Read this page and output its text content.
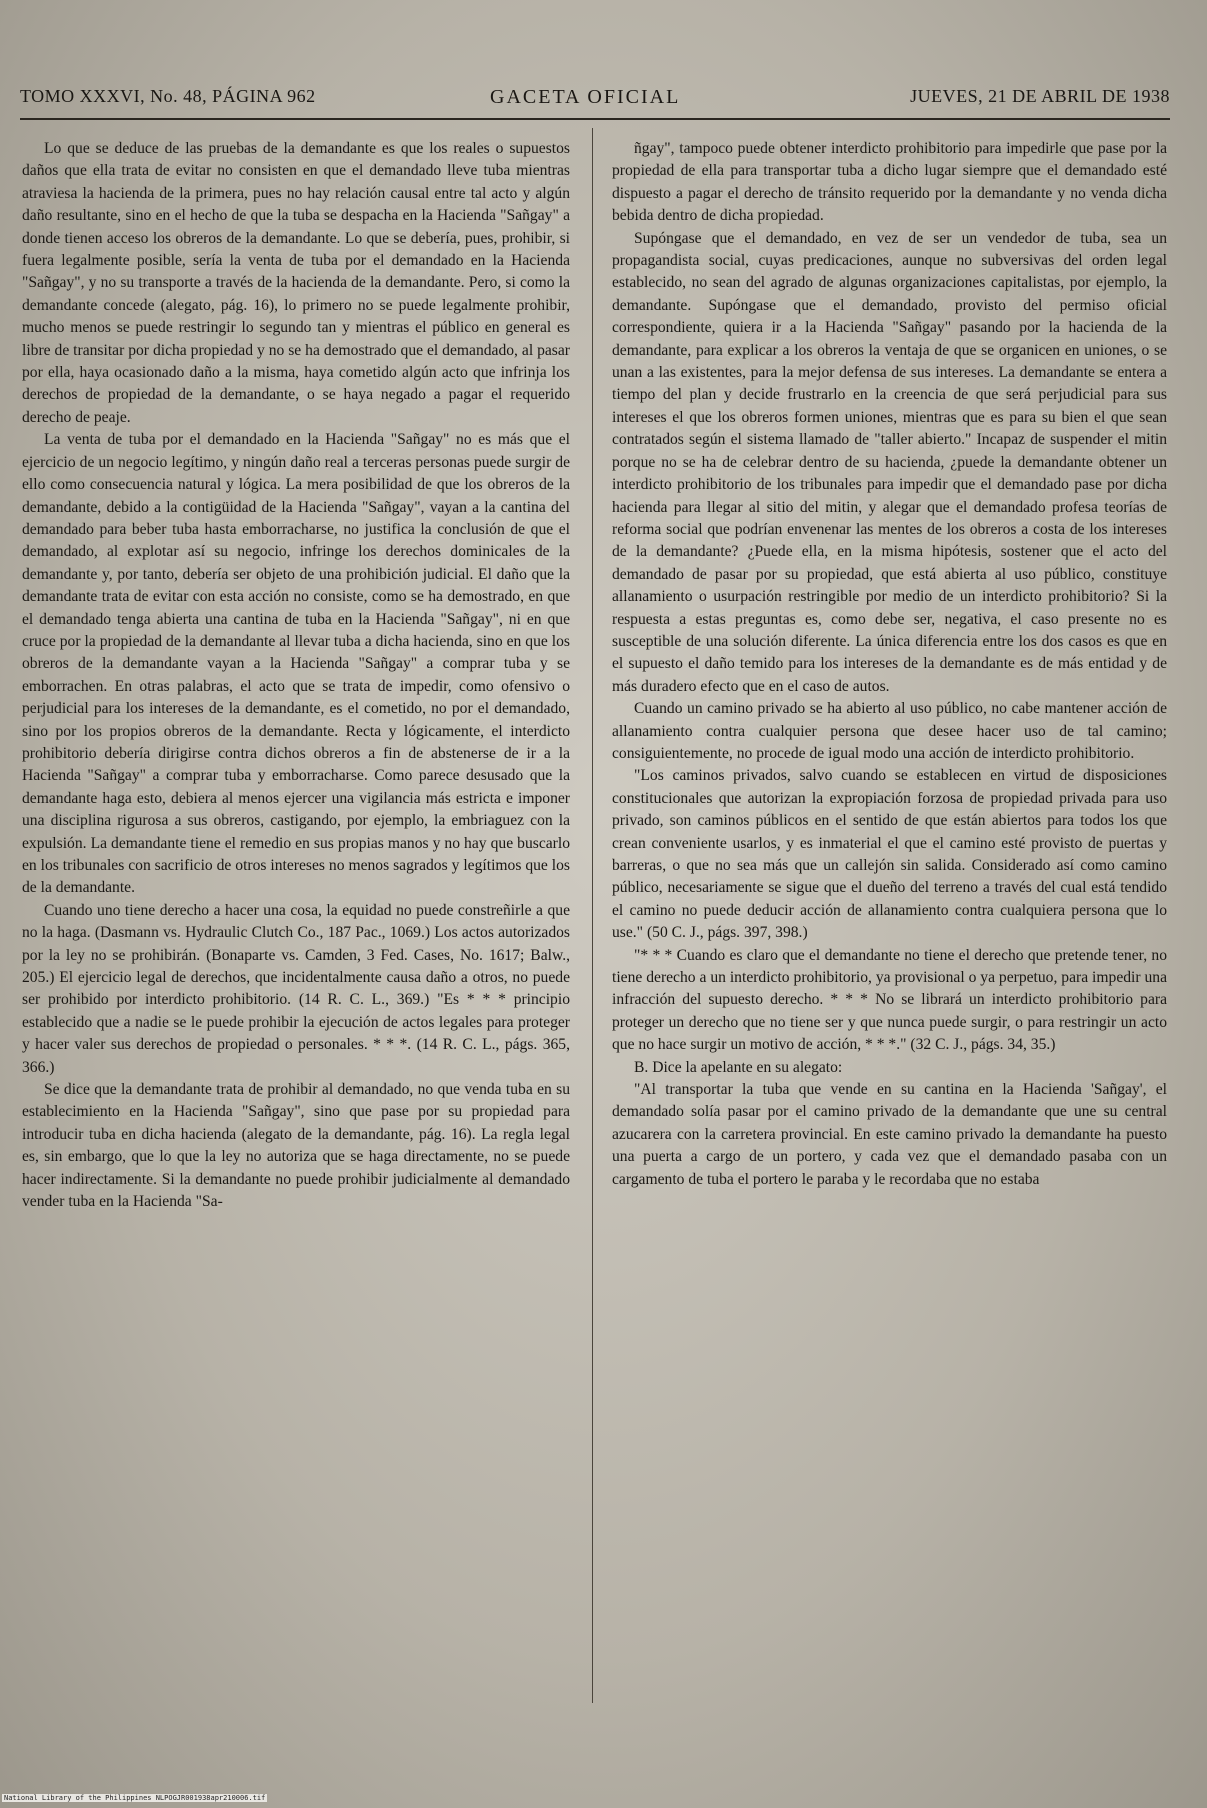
TOMO XXXVI, No. 48, PÁGINA 962	GACETA OFICIAL	JUEVES, 21 DE ABRIL DE 1938

Lo que se deduce de las pruebas de la demandante es que los reales o supuestos daños que ella trata de evitar no consisten en que el demandado lleve tuba mientras atraviesa la hacienda de la primera, pues no hay relación causal entre tal acto y algún daño resultante, sino en el hecho de que la tuba se despacha en la Hacienda "Sañgay" a donde tienen acceso los obreros de la demandante. Lo que se debería, pues, prohibir, si fuera legalmente posible, sería la venta de tuba por el demandado en la Hacienda "Sañgay", y no su transporte a través de la hacienda de la demandante. Pero, si como la demandante concede (alegato, pág. 16), lo primero no se puede legalmente prohibir, mucho menos se puede restringir lo segundo tan y mientras el público en general es libre de transitar por dicha propiedad y no se ha demostrado que el demandado, al pasar por ella, haya ocasionado daño a la misma, haya cometido algún acto que infrinja los derechos de propiedad de la demandante, o se haya negado a pagar el requerido derecho de peaje.

La venta de tuba por el demandado en la Hacienda "Sañgay" no es más que el ejercicio de un negocio legítimo, y ningún daño real a terceras personas puede surgir de ello como consecuencia natural y lógica. La mera posibilidad de que los obreros de la demandante, debido a la contigüidad de la Hacienda "Sañgay", vayan a la cantina del demandado para beber tuba hasta emborracharse, no justifica la conclusión de que el demandado, al explotar así su negocio, infringe los derechos dominicales de la demandante y, por tanto, debería ser objeto de una prohibición judicial. El daño que la demandante trata de evitar con esta acción no consiste, como se ha demostrado, en que el demandado tenga abierta una cantina de tuba en la Hacienda "Sañgay", ni en que cruce por la propiedad de la demandante al llevar tuba a dicha hacienda, sino en que los obreros de la demandante vayan a la Hacienda "Sañgay" a comprar tuba y se emborrachen. En otras palabras, el acto que se trata de impedir, como ofensivo o perjudicial para los intereses de la demandante, es el cometido, no por el demandado, sino por los propios obreros de la demandante. Recta y lógicamente, el interdicto prohibitorio debería dirigirse contra dichos obreros a fin de abstenerse de ir a la Hacienda "Sañgay" a comprar tuba y emborracharse. Como parece desusado que la demandante haga esto, debiera al menos ejercer una vigilancia más estricta e imponer una disciplina rigurosa a sus obreros, castigando, por ejemplo, la embriaguez con la expulsión. La demandante tiene el remedio en sus propias manos y no hay que buscarlo en los tribunales con sacrificio de otros intereses no menos sagrados y legítimos que los de la demandante.

Cuando uno tiene derecho a hacer una cosa, la equidad no puede constreñirle a que no la haga. (Dasmann vs. Hydraulic Clutch Co., 187 Pac., 1069.) Los actos autorizados por la ley no se prohibirán. (Bonaparte vs. Camden, 3 Fed. Cases, No. 1617; Balw., 205.) El ejercicio legal de derechos, que incidentalmente causa daño a otros, no puede ser prohibido por interdicto prohibitorio. (14 R. C. L., 369.) "Es * * * principio establecido que a nadie se le puede prohibir la ejecución de actos legales para proteger y hacer valer sus derechos de propiedad o personales. * * *. (14 R. C. L., págs. 365, 366.)

Se dice que la demandante trata de prohibir al demandado, no que venda tuba en su establecimiento en la Hacienda "Sañgay", sino que pase por su propiedad para introducir tuba en dicha hacienda (alegato de la demandante, pág. 16). La regla legal es, sin embargo, que lo que la ley no autoriza que se haga directamente, no se puede hacer indirectamente. Si la demandante no puede prohibir judicialmente al demandado vender tuba en la Hacienda "Sa-

ñgay", tampoco puede obtener interdicto prohibitorio para impedirle que pase por la propiedad de ella para transportar tuba a dicho lugar siempre que el demandado esté dispuesto a pagar el derecho de tránsito requerido por la demandante y no venda dicha bebida dentro de dicha propiedad.

Supóngase que el demandado, en vez de ser un vendedor de tuba, sea un propagandista social, cuyas predicaciones, aunque no subversivas del orden legal establecido, no sean del agrado de algunas organizaciones capitalistas, por ejemplo, la demandante. Supóngase que el demandado, provisto del permiso oficial correspondiente, quiera ir a la Hacienda "Sañgay" pasando por la hacienda de la demandante, para explicar a los obreros la ventaja de que se organicen en uniones, o se unan a las existentes, para la mejor defensa de sus intereses. La demandante se entera a tiempo del plan y decide frustrarlo en la creencia de que será perjudicial para sus intereses el que los obreros formen uniones, mientras que es para su bien el que sean contratados según el sistema llamado de "taller abierto." Incapaz de suspender el mitin porque no se ha de celebrar dentro de su hacienda, ¿puede la demandante obtener un interdicto prohibitorio de los tribunales para impedir que el demandado pase por dicha hacienda para llegar al sitio del mitin, y alegar que el demandado profesa teorías de reforma social que podrían envenenar las mentes de los obreros a costa de los intereses de la demandante? ¿Puede ella, en la misma hipótesis, sostener que el acto del demandado de pasar por su propiedad, que está abierta al uso público, constituye allanamiento o usurpación restringible por medio de un interdicto prohibitorio? Si la respuesta a estas preguntas es, como debe ser, negativa, el caso presente no es susceptible de una solución diferente. La única diferencia entre los dos casos es que en el supuesto el daño temido para los intereses de la demandante es de más entidad y de más duradero efecto que en el caso de autos.

Cuando un camino privado se ha abierto al uso público, no cabe mantener acción de allanamiento contra cualquier persona que desee hacer uso de tal camino; consiguientemente, no procede de igual modo una acción de interdicto prohibitorio.

"Los caminos privados, salvo cuando se establecen en virtud de disposiciones constitucionales que autorizan la expropiación forzosa de propiedad privada para uso privado, son caminos públicos en el sentido de que están abiertos para todos los que crean conveniente usarlos, y es inmaterial el que el camino esté provisto de puertas y barreras, o que no sea más que un callejón sin salida. Considerado así como camino público, necesariamente se sigue que el dueño del terreno a través del cual está tendido el camino no puede deducir acción de allanamiento contra cualquiera persona que lo use." (50 C. J., págs. 397, 398.)

"* * * Cuando es claro que el demandante no tiene el derecho que pretende tener, no tiene derecho a un interdicto prohibitorio, ya provisional o ya perpetuo, para impedir una infracción del supuesto derecho. * * * No se librará un interdicto prohibitorio para proteger un derecho que no tiene ser y que nunca puede surgir, o para restringir un acto que no hace surgir un motivo de acción, * * *." (32 C. J., págs. 34, 35.)

B. Dice la apelante en su alegato:

"Al transportar la tuba que vende en su cantina en la Hacienda 'Sañgay', el demandado solía pasar por el camino privado de la demandante que une su central azucarera con la carretera provincial. En este camino privado la demandante ha puesto una puerta a cargo de un portero, y cada vez que el demandado pasaba con un cargamento de tuba el portero le paraba y le recordaba que no estaba

National Library of the Philippines NLPOGJR001938apr210006.tif
